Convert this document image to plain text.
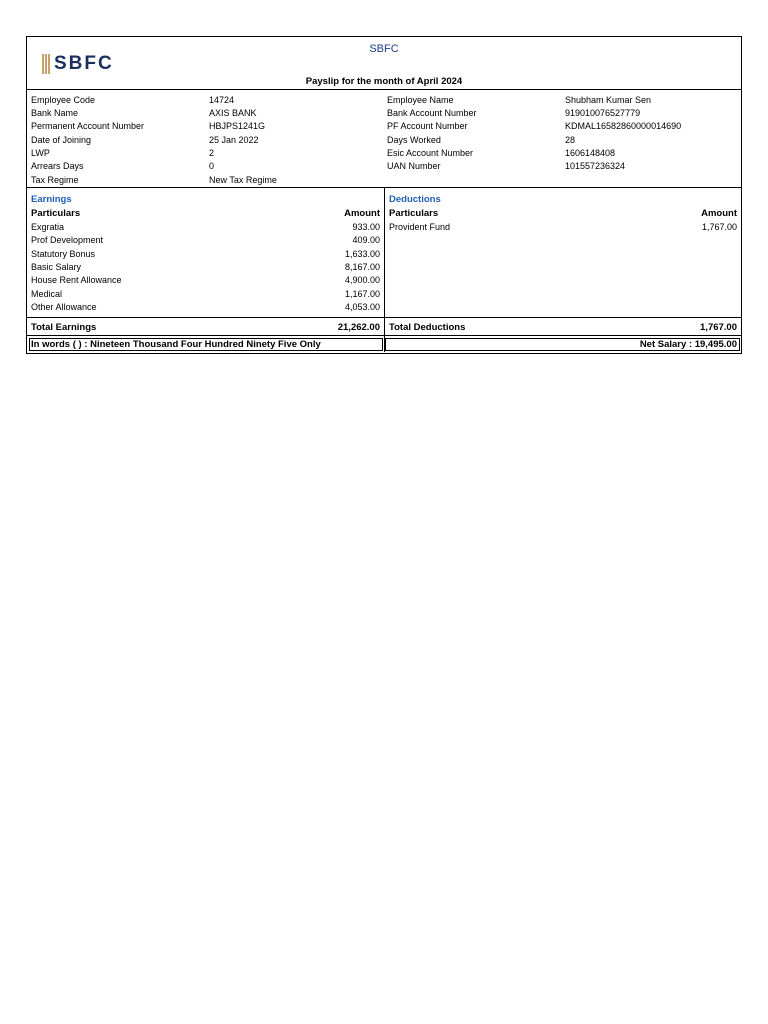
SBFC
SBFC
Payslip for the month of April 2024
Employee Code	14724
Bank Name	AXIS BANK
Permanent Account Number	HBJPS1241G
Date of Joining	25 Jan 2022
LWP	2
Arrears Days	0
Tax Regime	New Tax Regime
Employee Name	Shubham Kumar Sen
Bank Account Number	919010076527779
PF Account Number	KDMAL16582860000014690
Days Worked	28
Esic Account Number	1606148408
UAN Number	101557236324
Earnings
Particulars	Amount
Exgratia	933.00
Prof Development	409.00
Statutory Bonus	1,633.00
Basic Salary	8,167.00
House Rent Allowance	4,900.00
Medical	1,167.00
Other Allowance	4,053.00
Deductions
Particulars	Amount
Provident Fund	1,767.00
Total Earnings	21,262.00 Total Deductions	1,767.00
In words ( ) : Nineteen Thousand Four Hundred Ninety Five Only	Net Salary : 19,495.00
